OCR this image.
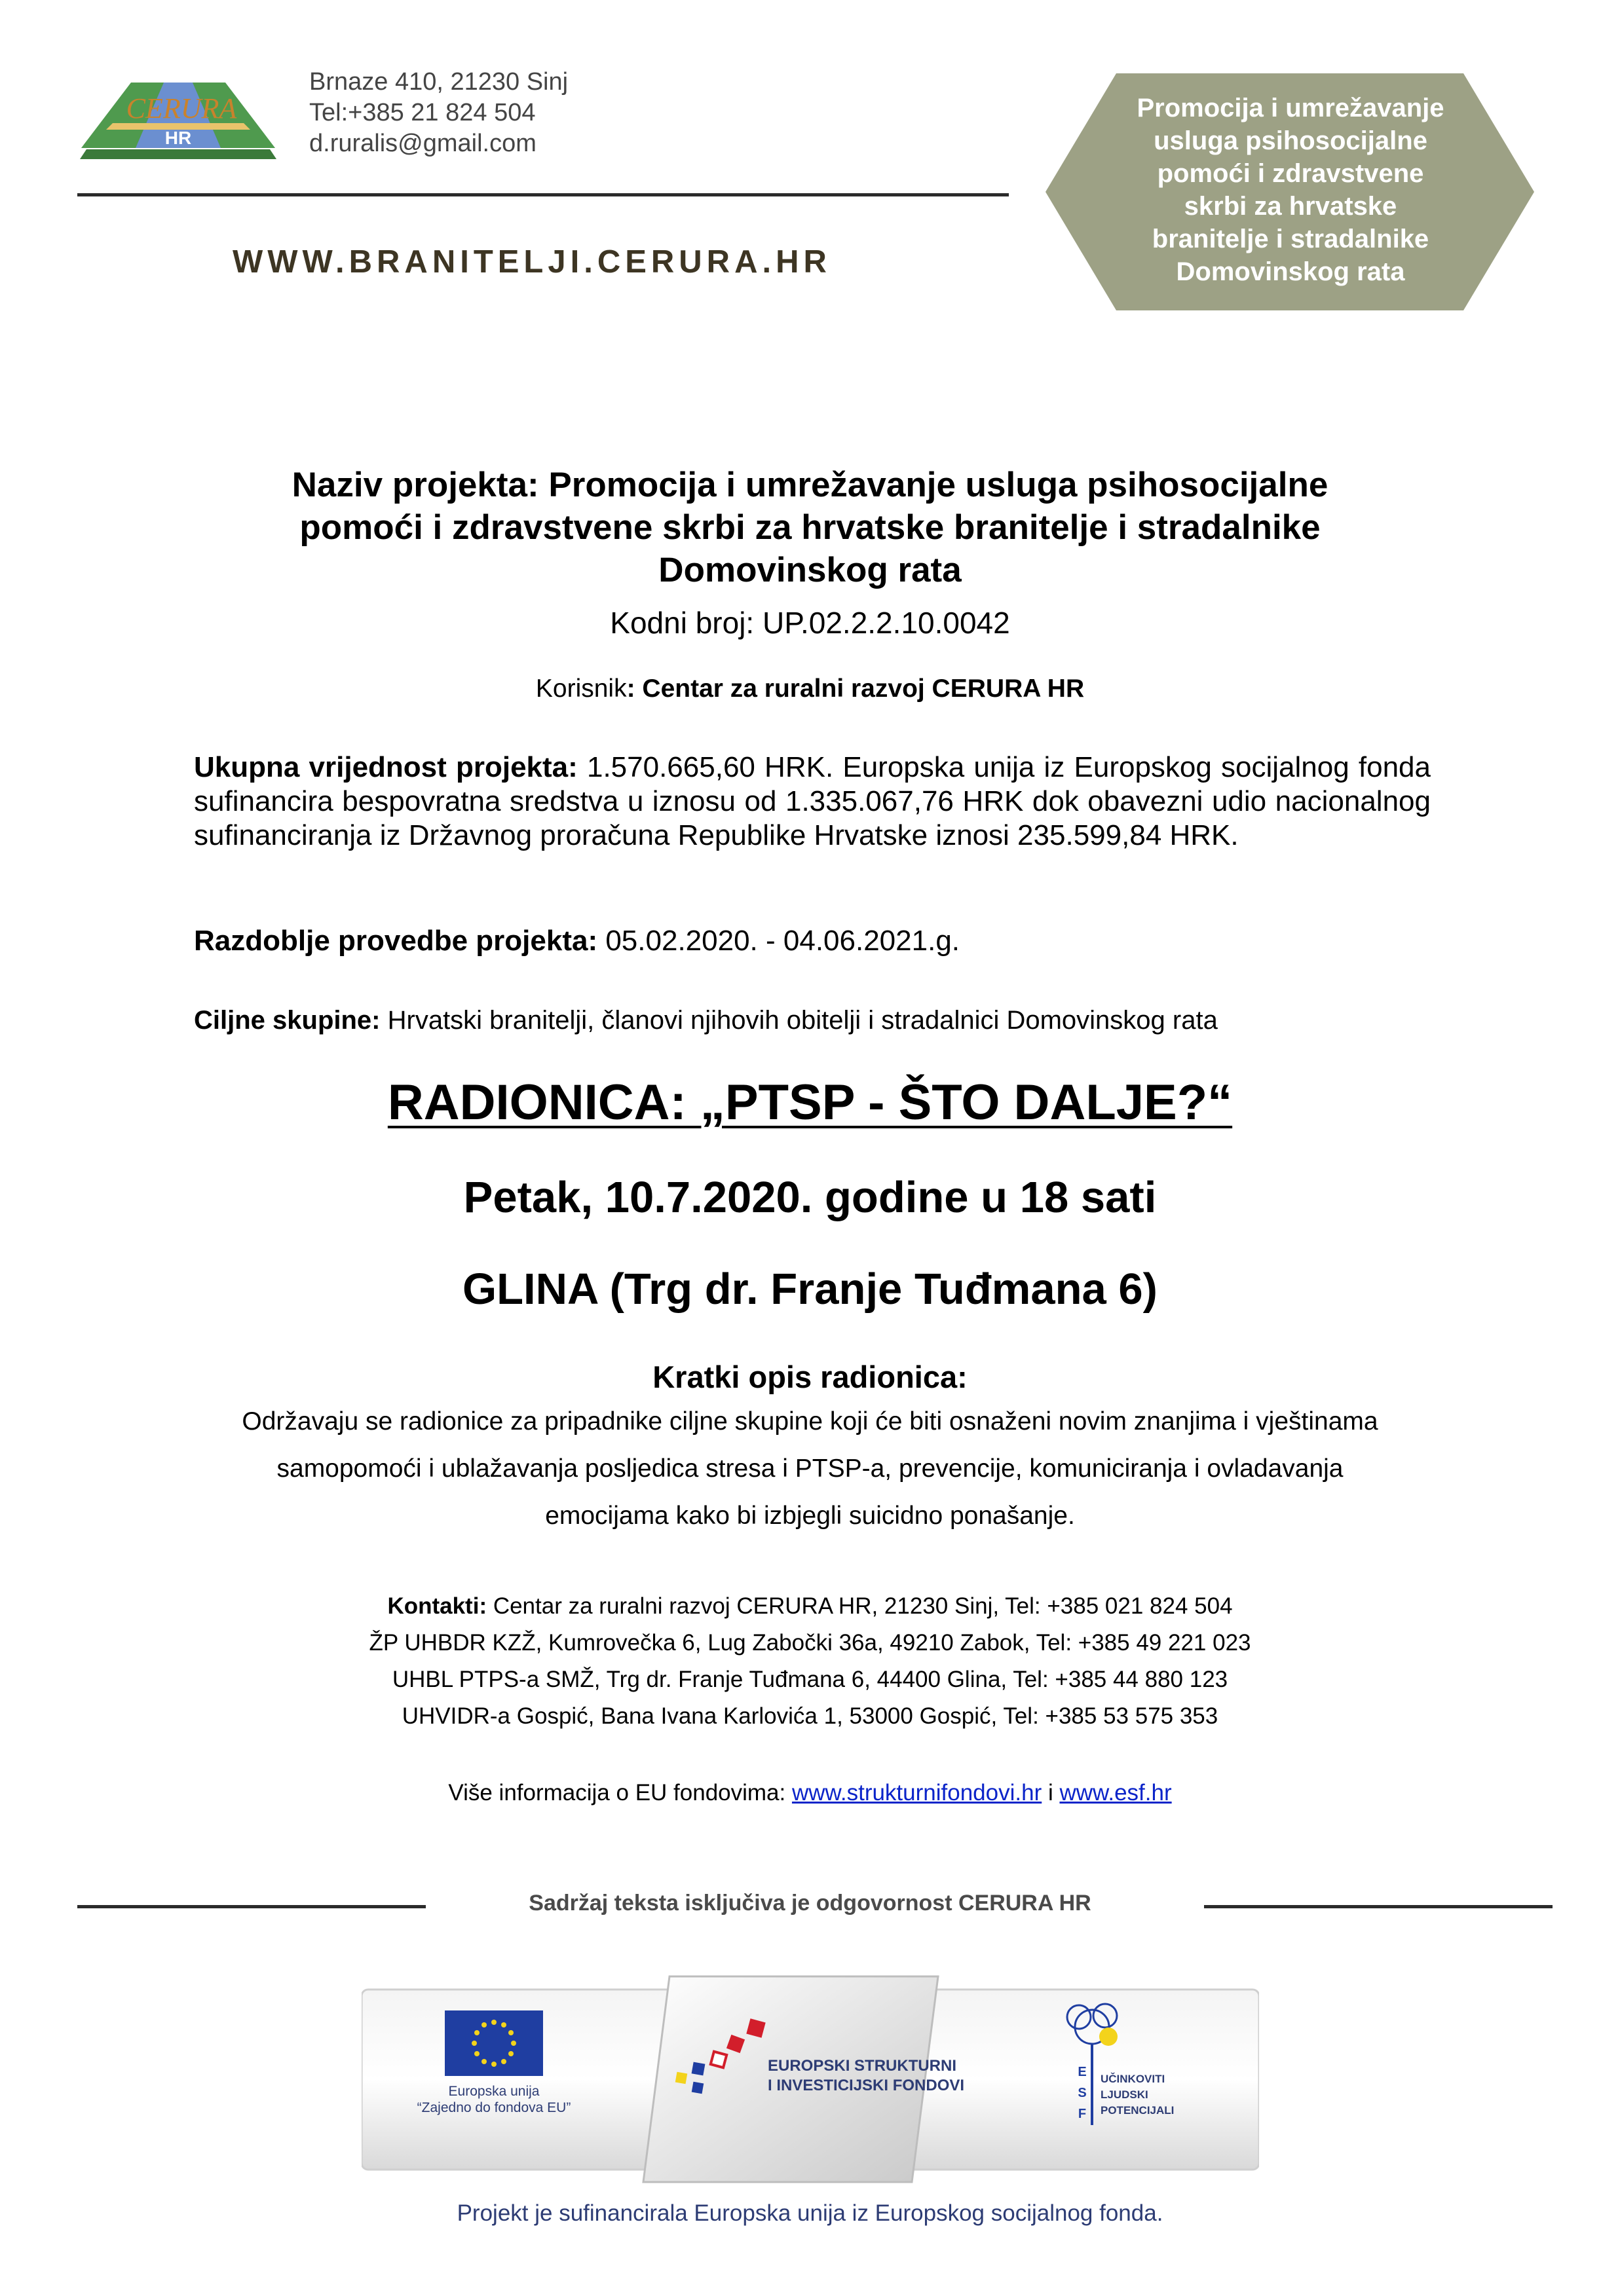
CERURA
HR
Brnaze 410, 21230 Sinj
Tel:+385 21 824 504
d.ruralis@gmail.com
WWW.BRANITELJI.CERURA.HR
Promocija i umrežavanje
usluga psihosocijalne
pomoći i zdravstvene
skrbi za hrvatske
branitelje i stradalnike
Domovinskog rata
Naziv projekta: Promocija i umrežavanje usluga psihosocijalne
pomoći i zdravstvene skrbi za hrvatske branitelje i stradalnike
Domovinskog rata
Kodni broj: UP.02.2.2.10.0042
Korisnik: Centar za ruralni razvoj CERURA HR
Ukupna vrijednost projekta: 1.570.665,60 HRK. Europska unija iz Europskog socijalnog fonda sufinancira bespovratna sredstva u iznosu od 1.335.067,76 HRK dok obavezni udio nacionalnog sufinanciranja iz Državnog proračuna Republike Hrvatske iznosi 235.599,84 HRK.
Razdoblje provedbe projekta: 05.02.2020. - 04.06.2021.g.
Ciljne skupine: Hrvatski branitelji, članovi njihovih obitelji i stradalnici Domovinskog rata
RADIONICA: „PTSP - ŠTO DALJE?“
Petak, 10.7.2020. godine u 18 sati
GLINA (Trg dr. Franje Tuđmana 6)
Kratki opis radionica:
Održavaju se radionice za pripadnike ciljne skupine koji će biti osnaženi novim znanjima i vještinama
samopomoći i ublažavanja posljedica stresa i PTSP-a, prevencije, komuniciranja i ovladavanja
emocijama kako bi izbjegli suicidno ponašanje.
Kontakti: Centar za ruralni razvoj CERURA HR, 21230 Sinj, Tel: +385 021 824 504
ŽP UHBDR KZŽ, Kumrovečka 6, Lug Zabočki 36a, 49210 Zabok, Tel: +385 49 221 023
UHBL PTPS-a SMŽ, Trg dr. Franje Tuđmana 6, 44400 Glina, Tel: +385 44 880 123
UHVIDR-a Gospić, Bana Ivana Karlovića 1, 53000 Gospić, Tel: +385 53 575 353
Više informacija o EU fondovima: www.strukturnifondovi.hr i www.esf.hr
Sadržaj teksta isključiva je odgovornost CERURA HR
Europska unija
“Zajedno do fondova EU”
EUROPSKI STRUKTURNI
I INVESTICIJSKI FONDOVI
E
S
F
UČINKOVITI
LJUDSKI
POTENCIJALI
Projekt je sufinancirala Europska unija iz Europskog socijalnog fonda.
